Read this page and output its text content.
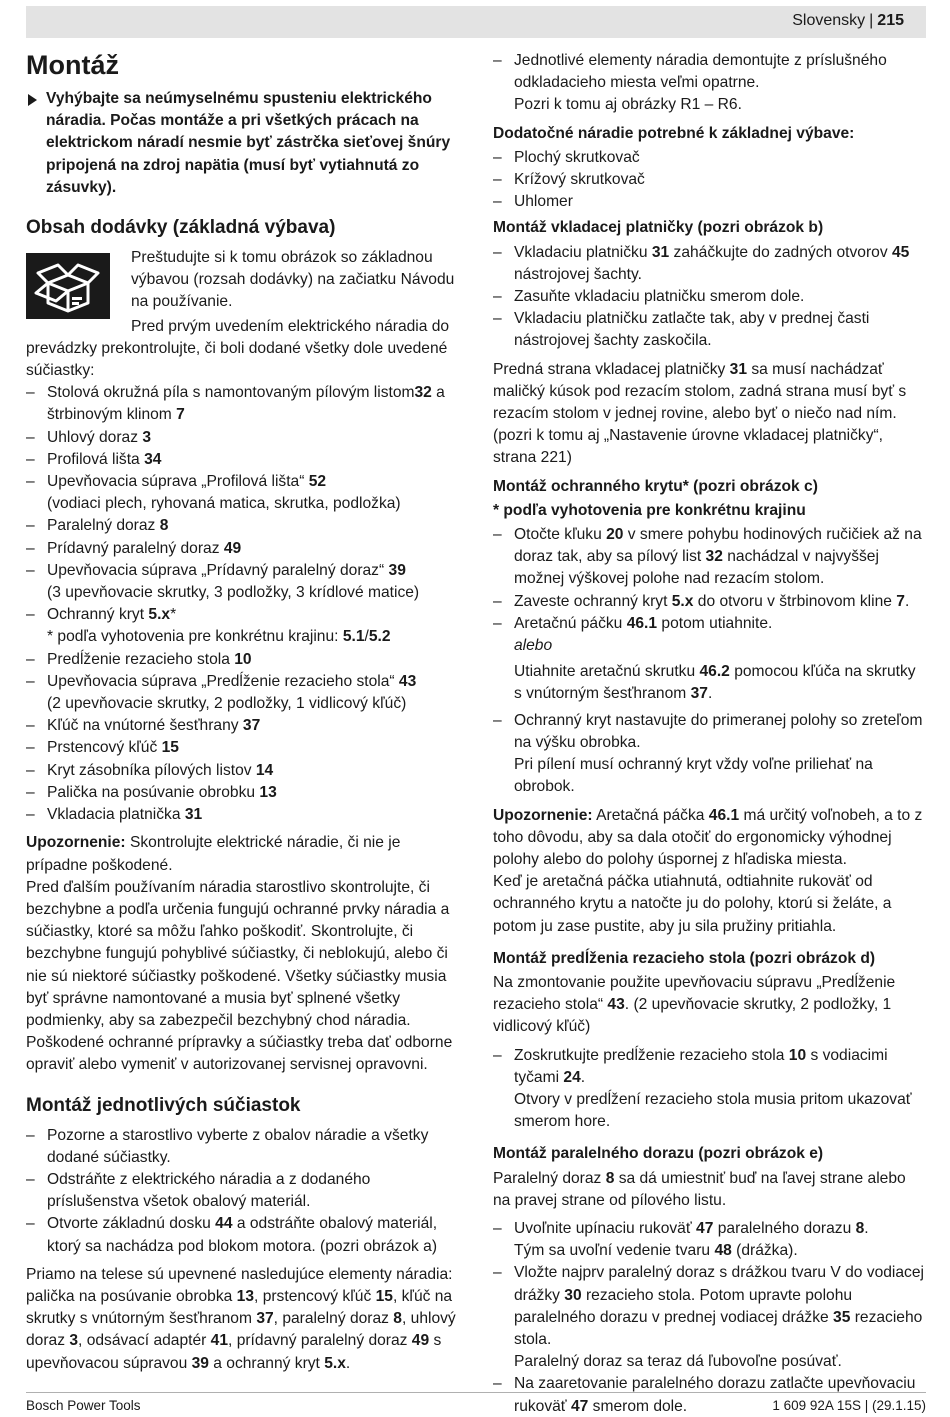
Slovensky | 215
Montáž
Vyhýbajte sa neúmyselnému spusteniu elektrického náradia. Počas montáže a pri všetkých prácach na elektrickom náradí nesmie byť zástrčka sieťovej šnúry pripojená na zdroj napätia (musí byť vytiahnutá zo zásuvky).
Obsah dodávky (základná výbava)

Preštudujte si k tomu obrázok so základnou výbavou (rozsah dodávky) na začiatku Návodu na používanie.

Pred prvým uvedením elektrického náradia do prevádzky prekontrolujte, či boli dodané všetky dole uvedené súčiastky:

– Stolová okružná píla s namontovaným pílovým listom32 a štrbinovým klinom 7
– Uhlový doraz 3
– Profilová lišta 34
– Upevňovacia súprava „Profilová lišta“ 52
(vodiaci plech, ryhovaná matica, skrutka, podložka)
– Paralelný doraz 8
– Prídavný paralelný doraz 49
– Upevňovacia súprava „Prídavný paralelný doraz“ 39
(3 upevňovacie skrutky, 3 podložky, 3 krídlové matice)
– Ochranný kryt 5.x*
* podľa vyhotovenia pre konkrétnu krajinu: 5.1/5.2
– Predĺženie rezacieho stola 10
– Upevňovacia súprava „Predĺženie rezacieho stola“ 43
(2 upevňovacie skrutky, 2 podložky, 1 vidlicový kľúč)
– Kľúč na vnútorné šesťhrany 37
– Prstencový kľúč 15
– Kryt zásobníka pílových listov 14
– Palička na posúvanie obrobku 13
– Vkladacia platnička 31

Upozornenie: Skontrolujte elektrické náradie, či nie je prípadne poškodené.

Pred ďalším používaním náradia starostlivo skontrolujte, či bezchybne a podľa určenia fungujú ochranné prvky náradia a súčiastky, ktoré sa môžu ľahko poškodiť. Skontrolujte, či bezchybne fungujú pohyblivé súčiastky, či neblokujú, alebo či nie sú niektoré súčiastky poškodené. Všetky súčiastky musia byť správne namontované a musia byť splnené všetky podmienky, aby sa zabezpečil bezchybný chod náradia.

Poškodené ochranné prípravky a súčiastky treba dať odborne opraviť alebo vymeniť v autorizovanej servisnej opravovni.

Montáž jednotlivých súčiastok
– Pozorne a starostlivo vyberte z obalov náradie a všetky dodané súčiastky.
– Odstráňte z elektrického náradia a z dodaného príslušenstva všetok obalový materiál.
– Otvorte základnú dosku 44 a odstráňte obalový materiál, ktorý sa nachádza pod blokom motora. (pozri obrázok a)

Priamo na telese sú upevnené nasledujúce elementy náradia: palička na posúvanie obrobka 13, prstencový kľúč 15, kľúč na skrutky s vnútorným šesťhranom 37, paralelný doraz 8, uhlový doraz 3, odsávací adaptér 41, prídavný paralelný doraz 49 s upevňovacou súpravou 39 a ochranný kryt 5.x.

– Jednotlivé elementy náradia demontujte z príslušného odkladacieho miesta veľmi opatrne.
Pozri k tomu aj obrázky R1 – R6.

Dodatočné náradie potrebné k základnej výbave:

– Plochý skrutkovač
– Krížový skrutkovač
– Uhlomer

Montáž vkladacej platničky (pozri obrázok b)

– Vkladaciu platničku 31 zaháčkujte do zadných otvorov 45 nástrojovej šachty.
– Zasuňte vkladaciu platničku smerom dole.
– Vkladaciu platničku zatlačte tak, aby v prednej časti nástrojovej šachty zaskočila.

Predná strana vkladacej platničky 31 sa musí nachádzať maličký kúsok pod rezacím stolom, zadná strana musí byť s rezacím stolom v jednej rovine, alebo byť o niečo nad ním. (pozri k tomu aj „Nastavenie úrovne vkladacej platničky“, strana 221)

Montáž ochranného krytu* (pozri obrázok c)

* podľa vyhotovenia pre konkrétnu krajinu

– Otočte kľuku 20 v smere pohybu hodinových ručičiek až na doraz tak, aby sa pílový list 32 nachádzal v najvyššej možnej výškovej polohe nad rezacím stolom.
– Zaveste ochranný kryt 5.x do otvoru v štrbinovom kline 7.
– Aretačnú páčku 46.1 potom utiahnite.
alebo
Utiahnite aretačnú skrutku 46.2 pomocou kľúča na skrutky s vnútorným šesťhranom 37.
– Ochranný kryt nastavujte do primeranej polohy so zreteľom na výšku obrobka.
Pri pílení musí ochranný kryt vždy voľne priliehať na obrobok.

Upozornenie: Aretačná páčka 46.1 má určitý voľnobeh, a to z toho dôvodu, aby sa dala otočiť do ergonomicky výhodnej polohy alebo do polohy úspornej z hľadiska miesta.

Keď je aretačná páčka utiahnutá, odtiahnite rukoväť od ochranného krytu a natočte ju do polohy, ktorú si želáte, a potom ju zase pustite, aby ju sila pružiny pritiahla.

Montáž predĺženia rezacieho stola (pozri obrázok d)

Na zmontovanie použite upevňovaciu súpravu „Predĺženie rezacieho stola“ 43. (2 upevňovacie skrutky, 2 podložky, 1 vidlicový kľúč)

– Zoskrutkujte predĺženie rezacieho stola 10 s vodiacimi tyčami 24.
Otvory v predĺžení rezacieho stola musia pritom ukazovať smerom hore.

Montáž paralelného dorazu (pozri obrázok e)

Paralelný doraz 8 sa dá umiestniť buď na ľavej strane alebo na pravej strane od pílového listu.

– Uvoľnite upínaciu rukoväť 47 paralelného dorazu 8.
Tým sa uvoľní vedenie tvaru 48 (drážka).
– Vložte najprv paralelný doraz s drážkou tvaru V do vodiacej drážky 30 rezacieho stola. Potom upravte polohu paralelného dorazu v prednej vodiacej drážke 35 rezacieho stola.
Paralelný doraz sa teraz dá ľubovoľne posúvať.
– Na zaaretovanie paralelného dorazu zatlačte upevňovaciu rukoväť 47 smerom dole.
Bosch Power Tools	1 609 92A 15S | (29.1.15)
